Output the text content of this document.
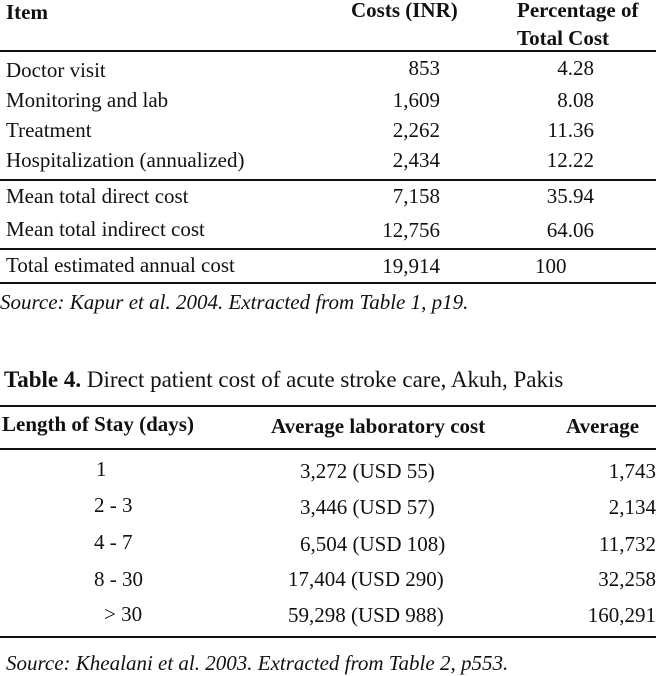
Item	Costs (INR)	Percentage of
Total Cost
Doctor visit	853	4.28
Monitoring and lab	1,609	8.08
Treatment	2,262	11.36
Hospitalization (annualized)	2,434	12.22
Mean total direct cost	7,158	35.94
Mean total indirect cost	12,756	64.06
Total estimated annual cost	19,914	100
Source: Kapur et al. 2004. Extracted from Table 1, p19.
Table 4. Direct patient cost of acute stroke care, Akuh, Pakis
Length of Stay (days)	Average laboratory cost	Average
1	3,272 (USD 55)	1,743
2 - 3	3,446 (USD 57)	2,134
4 - 7	6,504 (USD 108)	11,732
8 - 30	17,404 (USD 290)	32,258
> 30	59,298 (USD 988)	160,291
Source: Khealani et al. 2003. Extracted from Table 2, p553.
